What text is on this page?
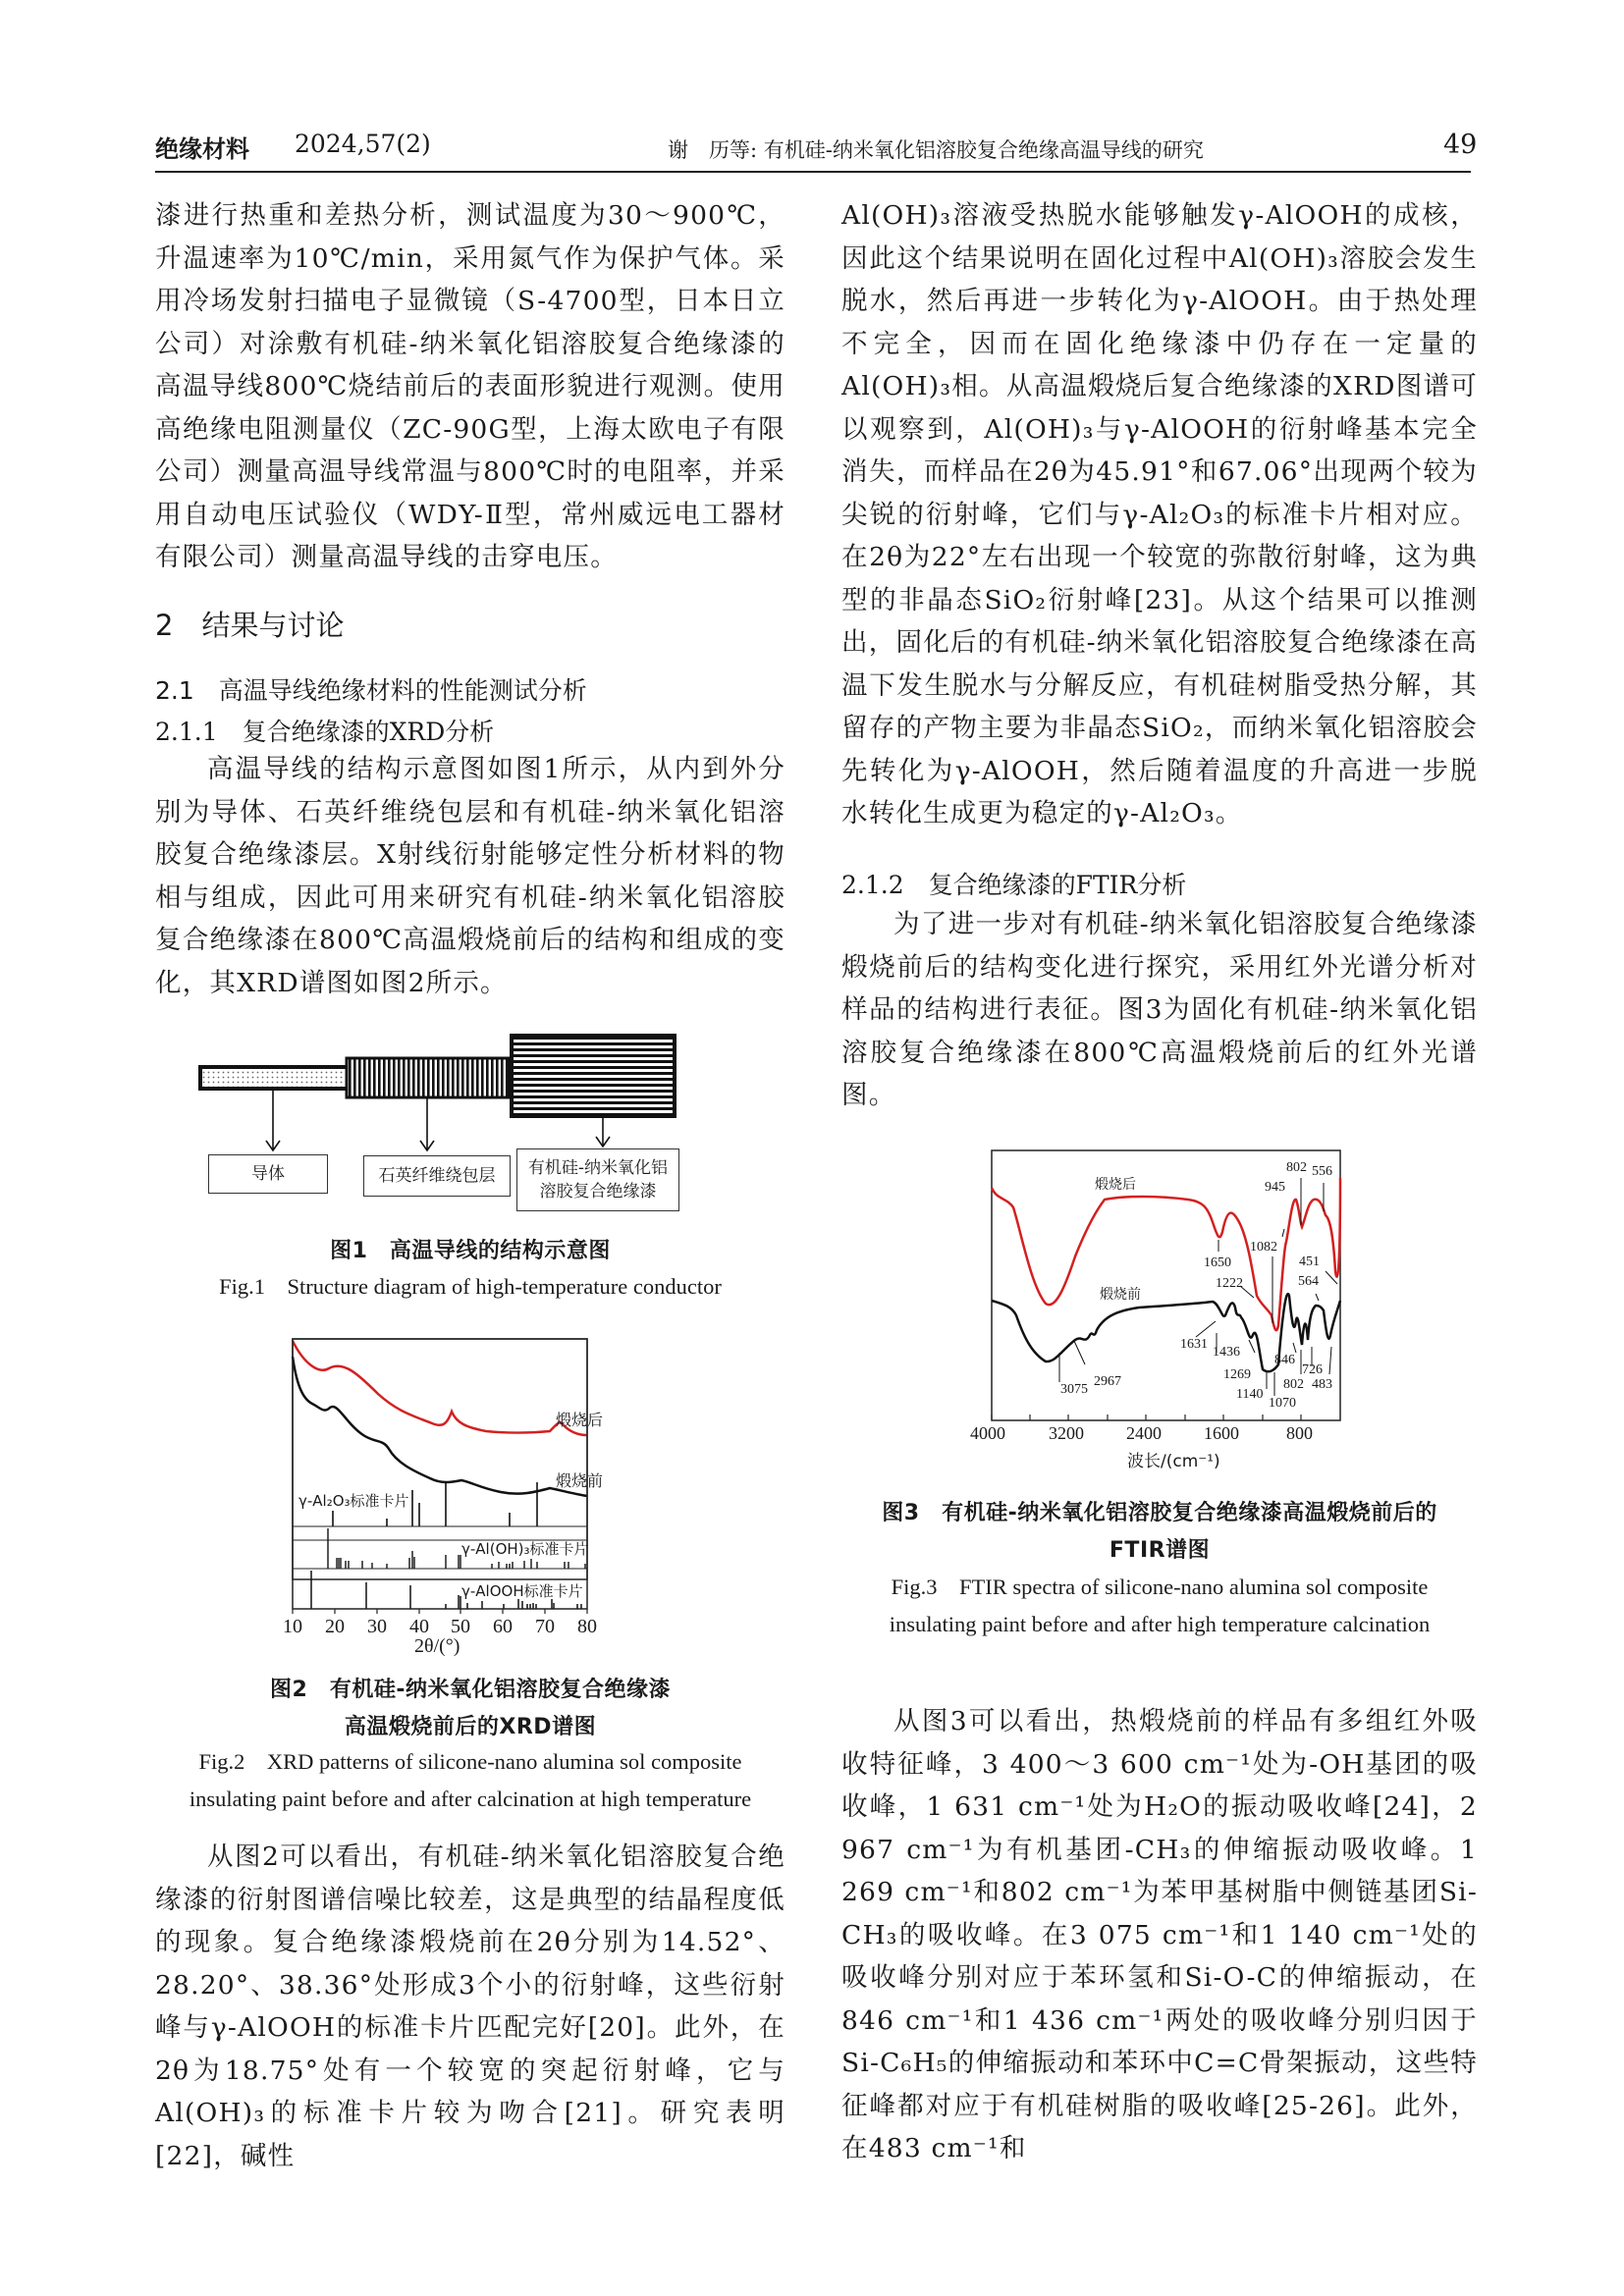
绝缘材料 2024,57(2)	谢　历等: 有机硅-纳米氧化铝溶胶复合绝缘高温导线的研究	49

漆进行热重和差热分析，测试温度为30～900℃，升温速率为10℃/min，采用氮气作为保护气体。采用冷场发射扫描电子显微镜（S-4700型，日本日立公司）对涂敷有机硅-纳米氧化铝溶胶复合绝缘漆的高温导线800℃烧结前后的表面形貌进行观测。使用高绝缘电阻测量仪（ZC-90G型，上海太欧电子有限公司）测量高温导线常温与800℃时的电阻率，并采用自动电压试验仪（WDY-Ⅱ型，常州威远电工器材有限公司）测量高温导线的击穿电压。

2　结果与讨论
2.1　高温导线绝缘材料的性能测试分析
2.1.1　复合绝缘漆的XRD分析

高温导线的结构示意图如图1所示，从内到外分别为导体、石英纤维绕包层和有机硅-纳米氧化铝溶胶复合绝缘漆层。X射线衍射能够定性分析材料的物相与组成，因此可用来研究有机硅-纳米氧化铝溶胶复合绝缘漆在800℃高温煅烧前后的结构和组成的变化，其XRD谱图如图2所示。

导体	石英纤维绕包层 有机硅-纳米氧化铝
溶胶复合绝缘漆
图1　高温导线的结构示意图
Fig.1　Structure diagram of high-temperature conductor
煅烧后
煅烧前
γ-Al₂O₃标准卡片
γ-Al(OH)₃标准卡片
γ-AlOOH标准卡片
10 20 30 40 50 60 70 80
2θ/(°)
图2　有机硅-纳米氧化铝溶胶复合绝缘漆
高温煅烧前后的XRD谱图
Fig.2　XRD patterns of silicone-nano alumina sol composite
insulating paint before and after calcination at high temperature

从图2可以看出，有机硅-纳米氧化铝溶胶复合绝缘漆的衍射图谱信噪比较差，这是典型的结晶程度低的现象。复合绝缘漆煅烧前在2θ分别为14.52°、28.20°、38.36°处形成3个小的衍射峰，这些衍射峰与γ-AlOOH的标准卡片匹配完好[20]。此外，在2θ为18.75°处有一个较宽的突起衍射峰，它与Al(OH)₃的标准卡片较为吻合[21]。研究表明[22]，碱性

Al(OH)₃溶液受热脱水能够触发γ-AlOOH的成核，因此这个结果说明在固化过程中Al(OH)₃溶胶会发生脱水，然后再进一步转化为γ-AlOOH。由于热处理不完全，因而在固化绝缘漆中仍存在一定量的Al(OH)₃相。从高温煅烧后复合绝缘漆的XRD图谱可以观察到，Al(OH)₃与γ-AlOOH的衍射峰基本完全消失，而样品在2θ为45.91°和67.06°出现两个较为尖锐的衍射峰，它们与γ-Al₂O₃的标准卡片相对应。在2θ为22°左右出现一个较宽的弥散衍射峰，这为典型的非晶态SiO₂衍射峰[23]。从这个结果可以推测出，固化后的有机硅-纳米氧化铝溶胶复合绝缘漆在高温下发生脱水与分解反应，有机硅树脂受热分解，其留存的产物主要为非晶态SiO₂，而纳米氧化铝溶胶会先转化为γ-AlOOH，然后随着温度的升高进一步脱水转化生成更为稳定的γ-Al₂O₃。

2.1.2　复合绝缘漆的FTIR分析

为了进一步对有机硅-纳米氧化铝溶胶复合绝缘漆煅烧前后的结构变化进行探究，采用红外光谱分析对样品的结构进行表征。图3为固化有机硅-纳米氧化铝溶胶复合绝缘漆在800℃高温煅烧前后的红外光谱图。

煅烧后
煅烧前
802 556
945
1082
1650
1222
451
564
1631
1436
1269
846
726
802 483
1140
1070
3075
2967
4000 3200 2400 1600	800
波长/(cm⁻¹)
图3　有机硅-纳米氧化铝溶胶复合绝缘漆高温煅烧前后的
FTIR谱图
Fig.3　FTIR spectra of silicone-nano alumina sol composite
insulating paint before and after high temperature calcination

从图3可以看出，热煅烧前的样品有多组红外吸收特征峰，3 400～3 600 cm⁻¹处为-OH基团的吸收峰，1 631 cm⁻¹处为H₂O的振动吸收峰[24]，2 967 cm⁻¹为有机基团-CH₃的伸缩振动吸收峰。1 269 cm⁻¹和802 cm⁻¹为苯甲基树脂中侧链基团Si-CH₃的吸收峰。在3 075 cm⁻¹和1 140 cm⁻¹处的吸收峰分别对应于苯环氢和Si-O-C的伸缩振动，在846 cm⁻¹和1 436 cm⁻¹两处的吸收峰分别归因于Si-C₆H₅的伸缩振动和苯环中C=C骨架振动，这些特征峰都对应于有机硅树脂的吸收峰[25-26]。此外，在483 cm⁻¹和
